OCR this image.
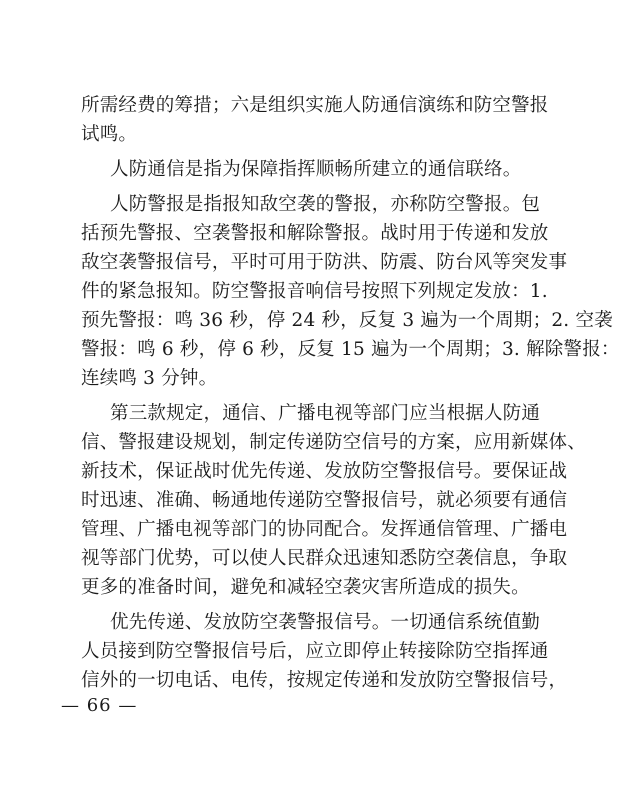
所需经费的筹措；六是组织实施人防通信演练和防空警报
试鸣。
人防通信是指为保障指挥顺畅所建立的通信联络。
人防警报是指报知敌空袭的警报，亦称防空警报。包
括预先警报、空袭警报和解除警报。战时用于传递和发放
敌空袭警报信号，平时可用于防洪、防震、防台风等突发事
件的紧急报知。防空警报音响信号按照下列规定发放：1.
预先警报：鸣 36 秒，停 24 秒，反复 3 遍为一个周期；2. 空袭
警报：鸣 6 秒，停 6 秒，反复 15 遍为一个周期；3. 解除警报：
连续鸣 3 分钟。
第三款规定，通信、广播电视等部门应当根据人防通
信、警报建设规划，制定传递防空信号的方案，应用新媒体、
新技术，保证战时优先传递、发放防空警报信号。要保证战
时迅速、准确、畅通地传递防空警报信号，就必须要有通信
管理、广播电视等部门的协同配合。发挥通信管理、广播电
视等部门优势，可以使人民群众迅速知悉防空袭信息，争取
更多的准备时间，避免和减轻空袭灾害所造成的损失。
优先传递、发放防空袭警报信号。一切通信系统值勤
人员接到防空警报信号后，应立即停止转接除防空指挥通
信外的一切电话、电传，按规定传递和发放防空警报信号，
— 66 —
